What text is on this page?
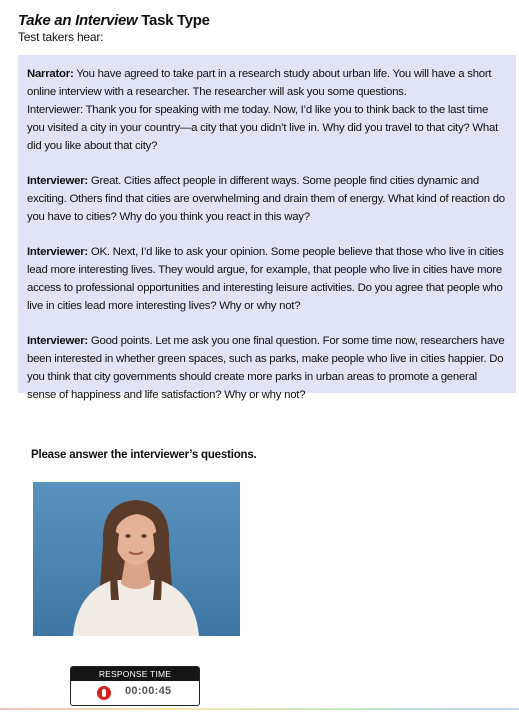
Take an Interview Task Type
Test takers hear:

Narrator: You have agreed to take part in a research study about urban life. You will have a short online interview with a researcher. The researcher will ask you some questions.
Interviewer: Thank you for speaking with me today. Now, I’d like you to think back to the last time you visited a city in your country—a city that you didn’t live in. Why did you travel to that city? What did you like about that city?

Interviewer: Great. Cities affect people in different ways. Some people find cities dynamic and exciting. Others find that cities are overwhelming and drain them of energy. What kind of reaction do you have to cities? Why do you think you react in this way?

Interviewer: OK. Next, I’d like to ask your opinion. Some people believe that those who live in cities lead more interesting lives. They would argue, for example, that people who live in cities have more access to professional opportunities and interesting leisure activities. Do you agree that people who live in cities lead more interesting lives? Why or why not?

Interviewer: Good points. Let me ask you one final question. For some time now, researchers have been interested in whether green spaces, such as parks, make people who live in cities happier. Do you think that city governments should create more parks in urban areas to promote a general sense of happiness and life satisfaction? Why or why not?

Please answer the interviewer’s questions.
RESPONSE TIME
00:00:45
